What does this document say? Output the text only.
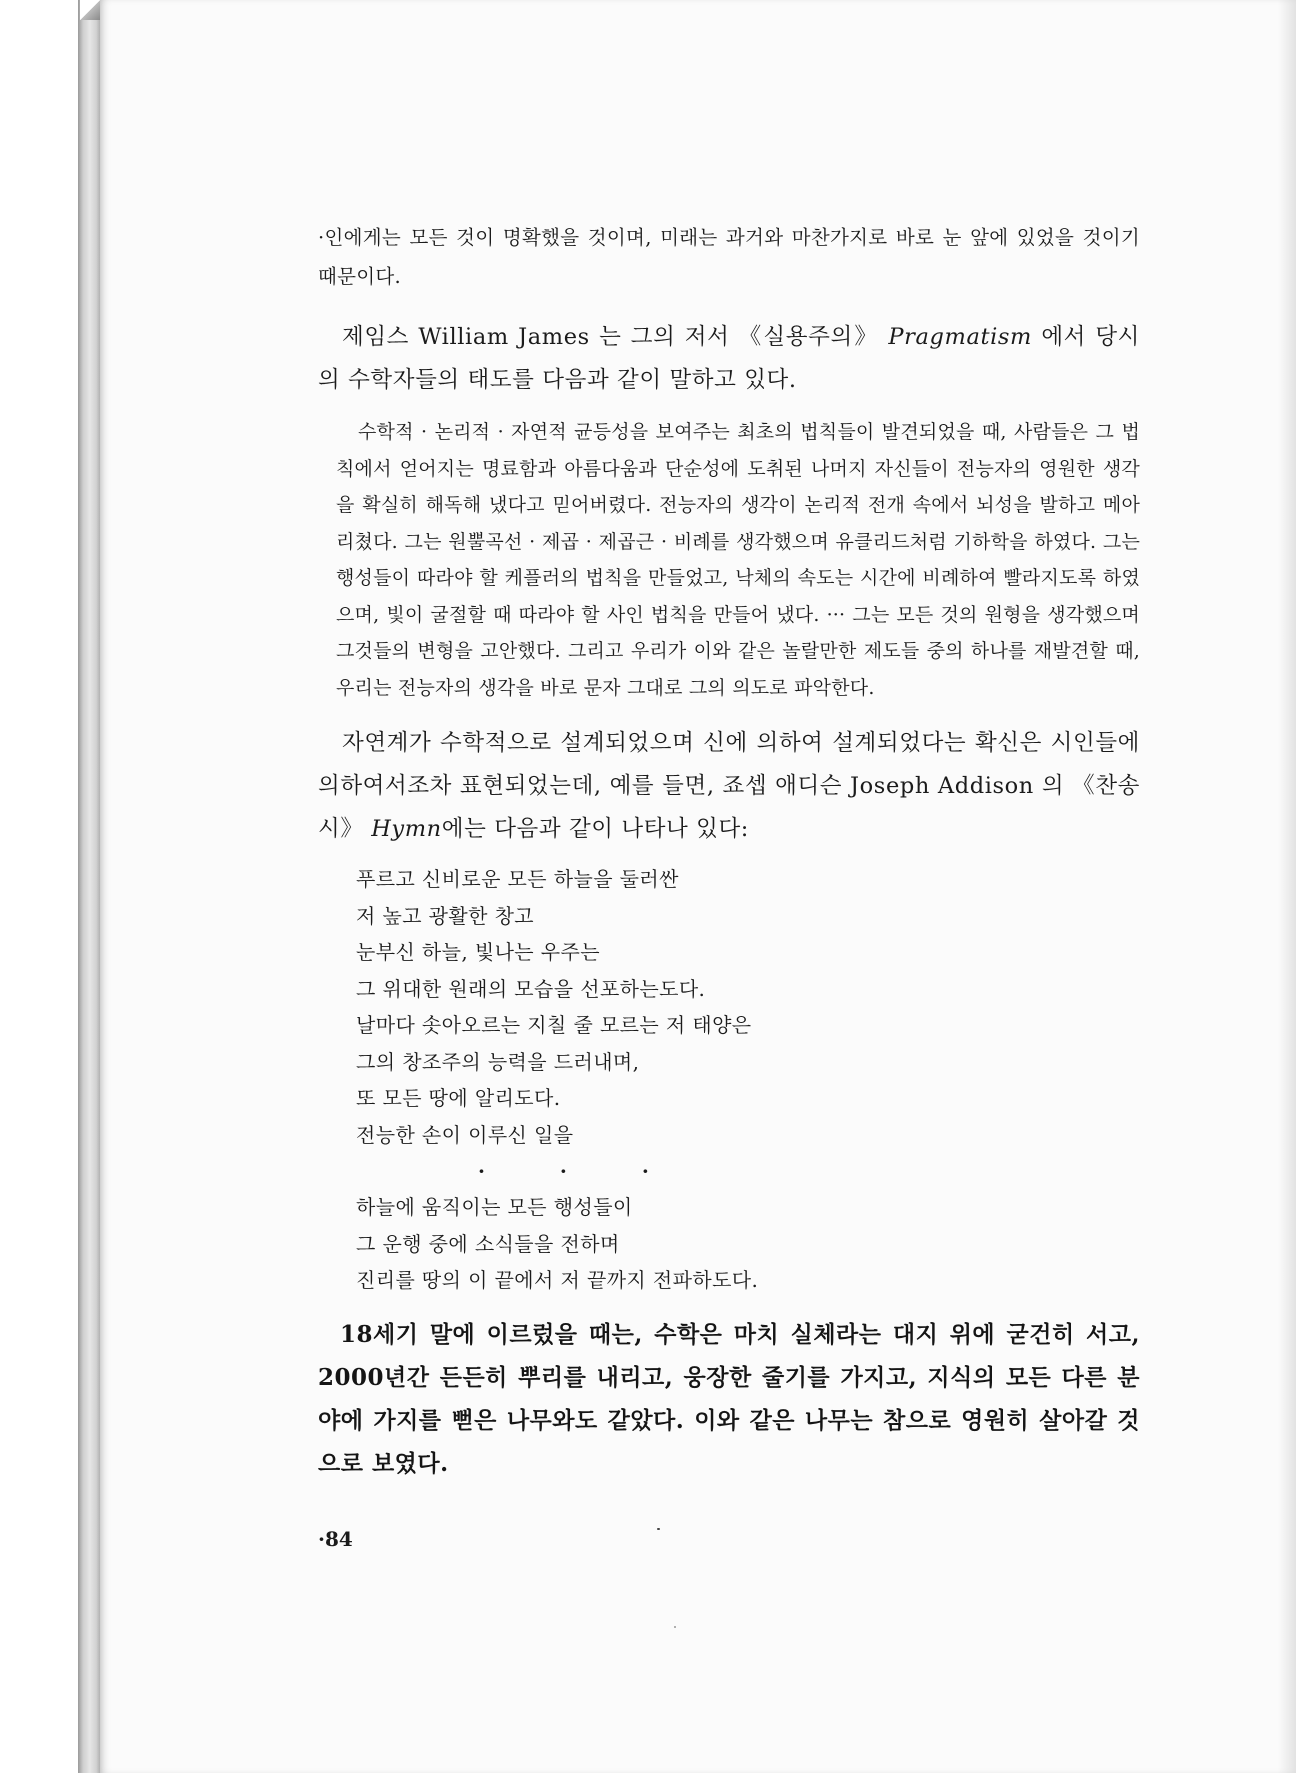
·인에게는 모든 것이 명확했을 것이며, 미래는 과거와 마찬가지로 바로 눈 앞에 있었을 것이기 때문이다.

제임스 William James 는 그의 저서 《실용주의》 Pragmatism 에서 당시의 수학자들의 태도를 다음과 같이 말하고 있다.

수학적 · 논리적 · 자연적 균등성을 보여주는 최초의 법칙들이 발견되었을 때, 사람들은 그 법칙에서 얻어지는 명료함과 아름다움과 단순성에 도취된 나머지 자신들이 전능자의 영원한 생각을 확실히 해독해 냈다고 믿어버렸다. 전능자의 생각이 논리적 전개 속에서 뇌성을 발하고 메아리쳤다. 그는 원뿔곡선 · 제곱 · 제곱근 · 비례를 생각했으며 유클리드처럼 기하학을 하였다. 그는 행성들이 따라야 할 케플러의 법칙을 만들었고, 낙체의 속도는 시간에 비례하여 빨라지도록 하였으며, 빛이 굴절할 때 따라야 할 사인 법칙을 만들어 냈다. ··· 그는 모든 것의 원형을 생각했으며 그것들의 변형을 고안했다. 그리고 우리가 이와 같은 놀랄만한 제도들 중의 하나를 재발견할 때, 우리는 전능자의 생각을 바로 문자 그대로 그의 의도로 파악한다.

자연계가 수학적으로 설계되었으며 신에 의하여 설계되었다는 확신은 시인들에 의하여서조차 표현되었는데, 예를 들면, 죠셉 애디슨 Joseph Addison 의 《찬송시》 Hymn에는 다음과 같이 나타나 있다:

푸르고 신비로운 모든 하늘을 둘러싼
저 높고 광활한 창고
눈부신 하늘, 빛나는 우주는
그 위대한 원래의 모습을 선포하는도다.
날마다 솟아오르는 지칠 줄 모르는 저 태양은
그의 창조주의 능력을 드러내며,
또 모든 땅에 알리도다.
전능한 손이 이루신 일을
· · ·
하늘에 움직이는 모든 행성들이
그 운행 중에 소식들을 전하며
진리를 땅의 이 끝에서 저 끝까지 전파하도다.

18세기 말에 이르렀을 때는, 수학은 마치 실체라는 대지 위에 굳건히 서고, 2000년간 든든히 뿌리를 내리고, 웅장한 줄기를 가지고, 지식의 모든 다른 분야에 가지를 뻗은 나무와도 같았다. 이와 같은 나무는 참으로 영원히 살아갈 것으로 보였다.

·84
